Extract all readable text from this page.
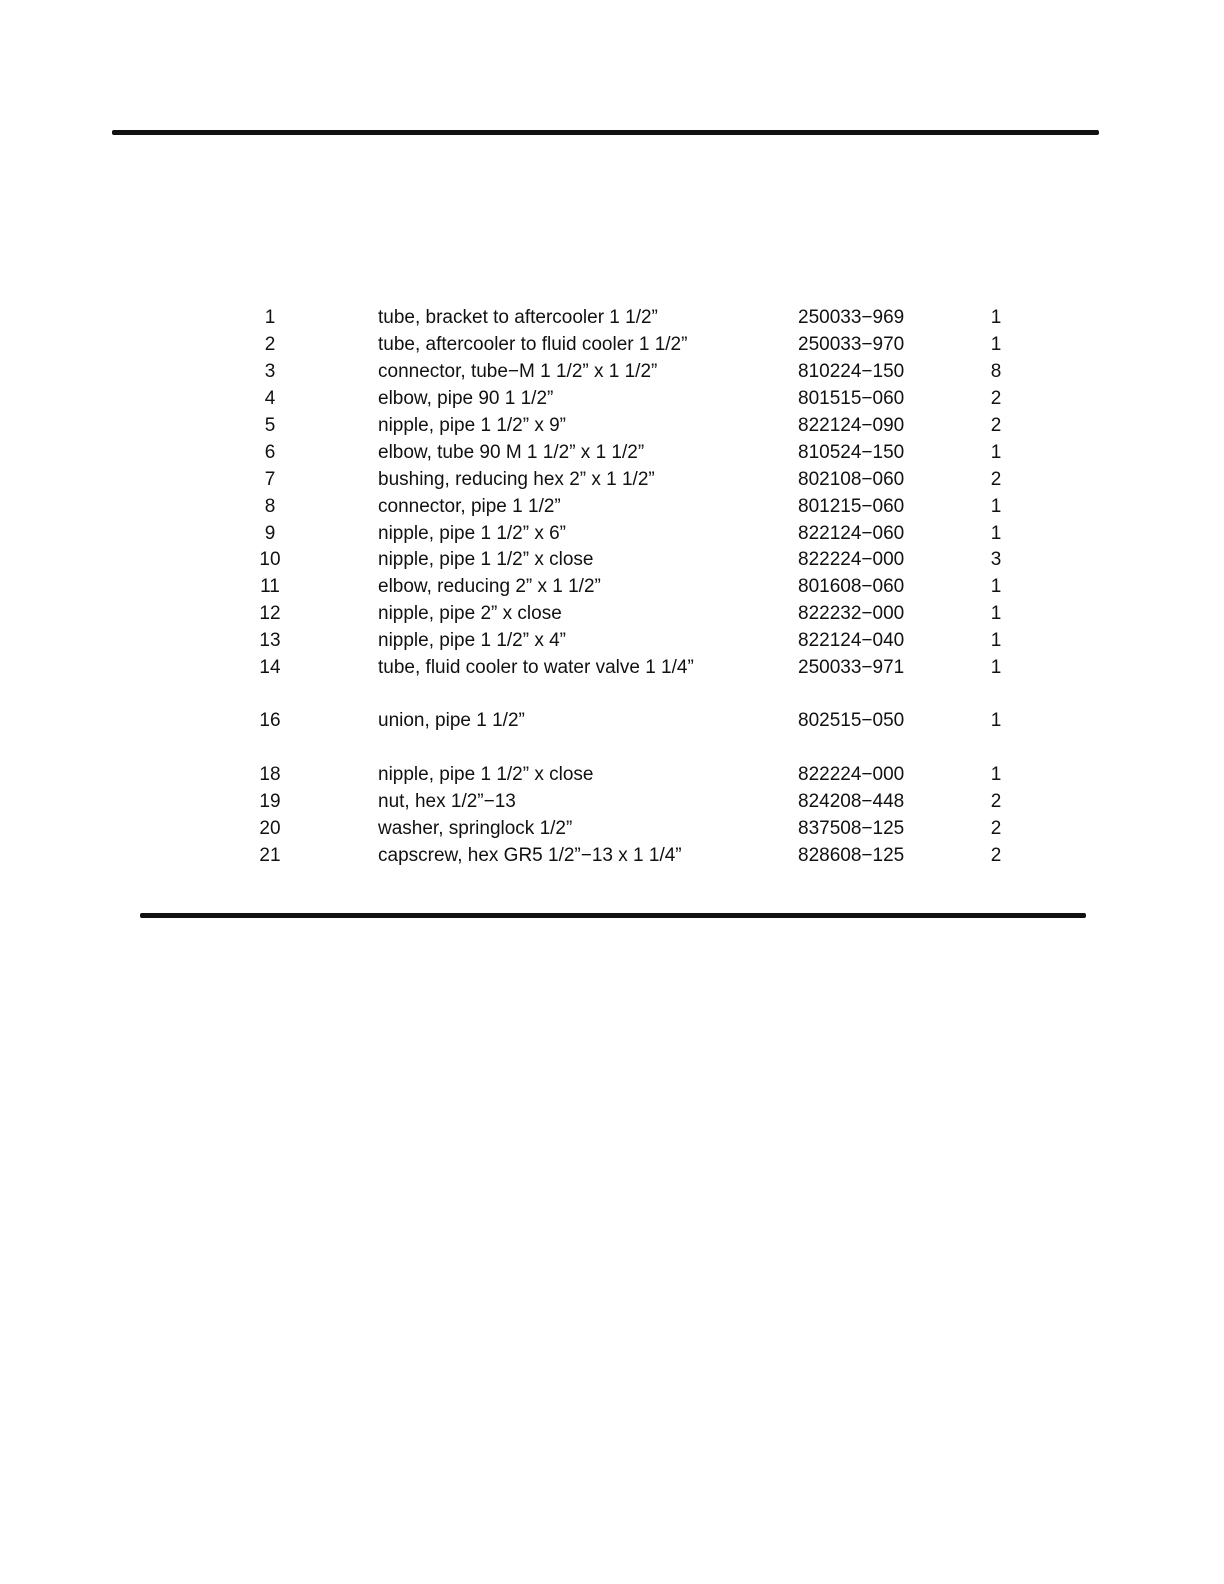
1	tube, bracket to aftercooler 1 1/2”	250033−969	1
2	tube, aftercooler to fluid cooler 1 1/2”	250033−970	1
3	connector, tube−M 1 1/2” x 1 1/2”	810224−150	8
4	elbow, pipe 90 1 1/2”	801515−060	2
5	nipple, pipe 1 1/2” x 9”	822124−090	2
6	elbow, tube 90 M 1 1/2” x 1 1/2”	810524−150	1
7	bushing, reducing hex 2” x 1 1/2”	802108−060	2
8	connector, pipe 1 1/2”	801215−060	1
9	nipple, pipe 1 1/2” x 6”	822124−060	1
10	nipple, pipe 1 1/2” x close	822224−000	3
11	elbow, reducing 2” x 1 1/2”	801608−060	1
12	nipple, pipe 2” x close	822232−000	1
13	nipple, pipe 1 1/2” x 4”	822124−040	1
14	tube, fluid cooler to water valve 1 1/4”	250033−971	1
16	union, pipe 1 1/2”	802515−050	1
18	nipple, pipe 1 1/2” x close	822224−000	1
19	nut, hex 1/2”−13	824208−448	2
20	washer, springlock 1/2”	837508−125	2
21	capscrew, hex GR5 1/2”−13 x 1 1/4”	828608−125	2
